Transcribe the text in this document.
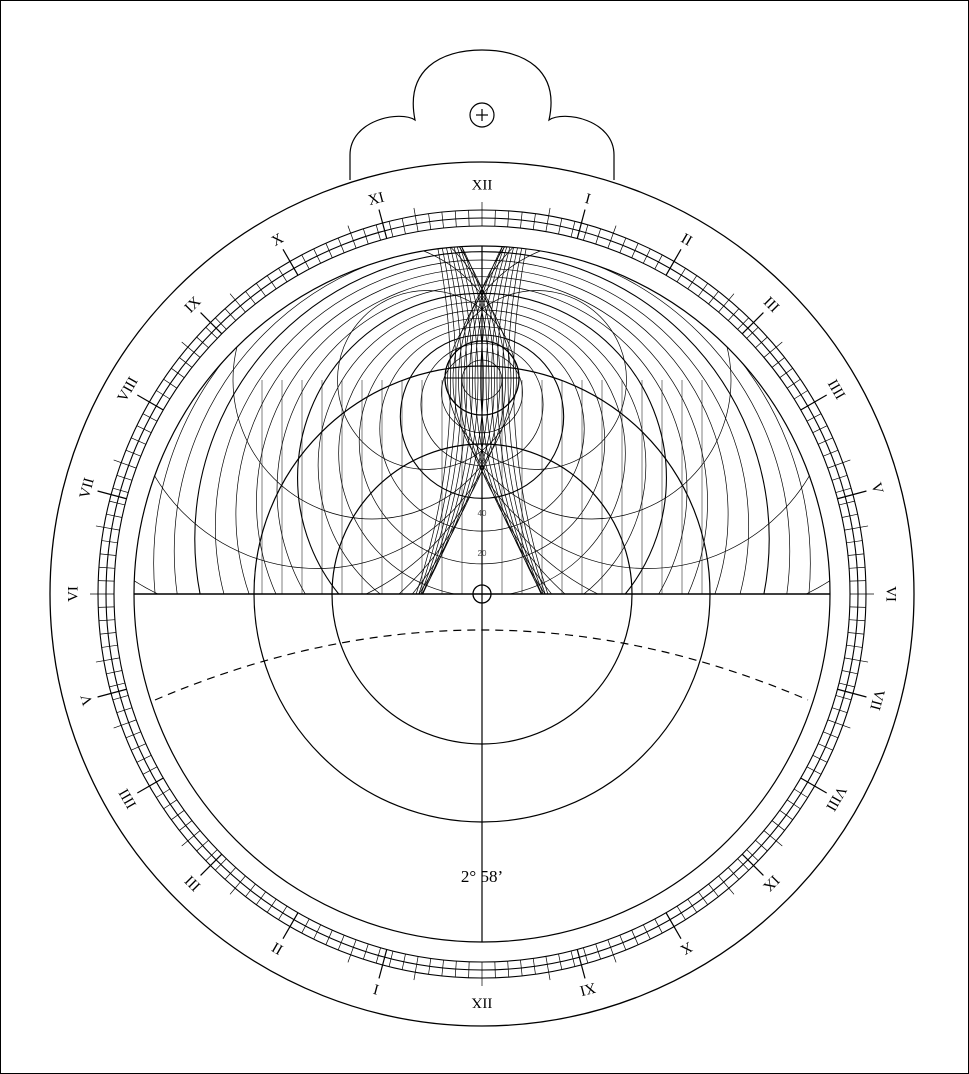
20
40
60
XII
I
II
III
IIII
V
VI
VII
VIII
IX
X
XI
IIX
I
II
III
IIII
V
VI
VII
VIII
IX
X
XI
2° 58’
